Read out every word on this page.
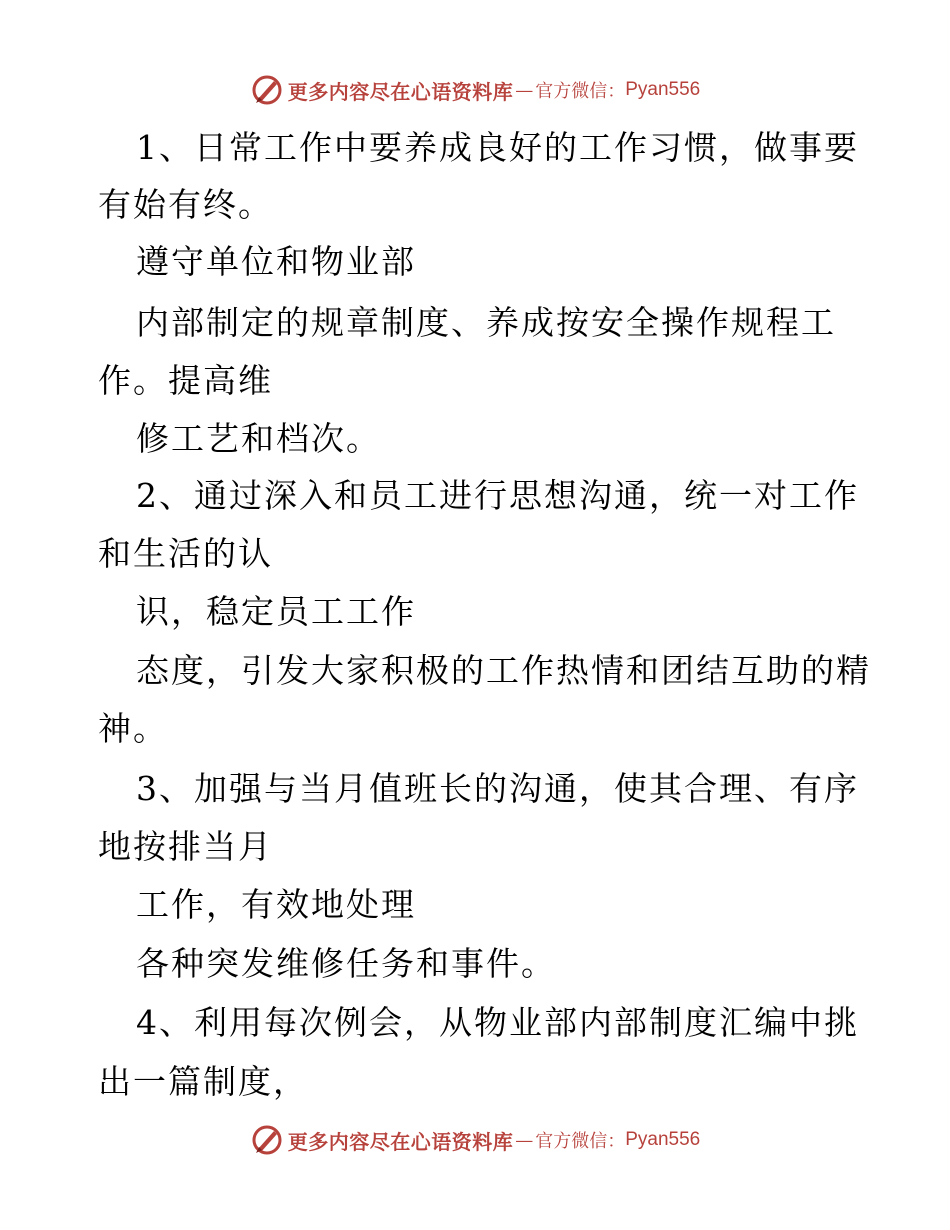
更多内容尽在心语资料库 — 官方微信： Pyan556
1、日常工作中要养成良好的工作习惯，做事要
有始有终。
遵守单位和物业部
内部制定的规章制度、养成按安全操作规程工
作。提高维
修工艺和档次。
2、通过深入和员工进行思想沟通，统一对工作
和生活的认
识，稳定员工工作
态度，引发大家积极的工作热情和团结互助的精
神。
3、加强与当月值班长的沟通，使其合理、有序
地按排当月
工作，有效地处理
各种突发维修任务和事件。
4、利用每次例会，从物业部内部制度汇编中挑
出一篇制度，
更多内容尽在心语资料库 — 官方微信： Pyan556
